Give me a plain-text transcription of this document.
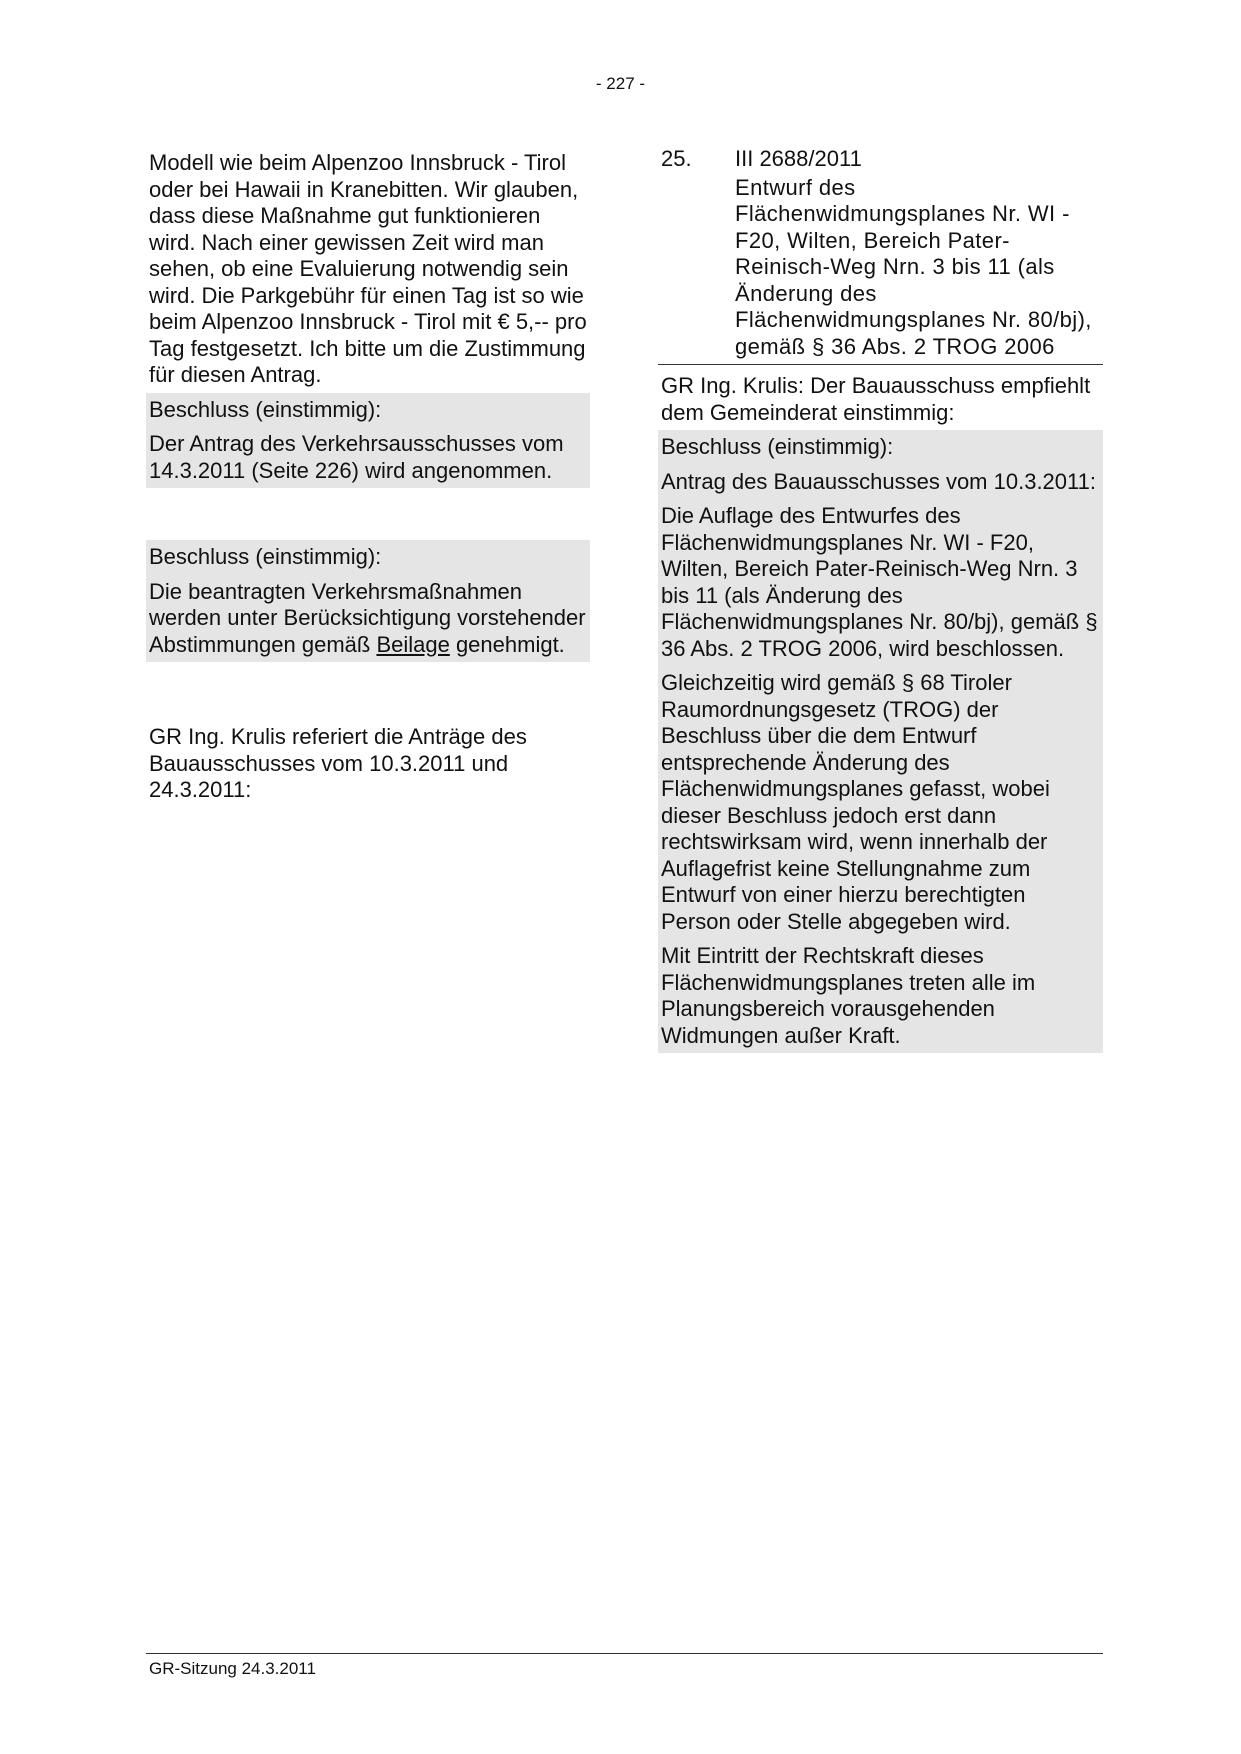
- 227 -

Modell wie beim Alpenzoo Innsbruck - Tirol oder bei Hawaii in Kranebitten. Wir glauben, dass diese Maßnahme gut funktionieren wird. Nach einer gewissen Zeit wird man sehen, ob eine Evaluierung notwendig sein wird. Die Parkgebühr für einen Tag ist so wie beim Alpenzoo Innsbruck - Tirol mit € 5,-- pro Tag festgesetzt. Ich bitte um die Zustimmung für diesen Antrag.

Beschluss (einstimmig):

Der Antrag des Verkehrsausschusses vom 14.3.2011 (Seite 226) wird angenommen.

Beschluss (einstimmig):

Die beantragten Verkehrsmaßnahmen werden unter Berücksichtigung vorstehender Abstimmungen gemäß Beilage genehmigt.

GR Ing. Krulis referiert die Anträge des Bauausschusses vom 10.3.2011 und 24.3.2011:

25.	III 2688/2011

Entwurf des Flächenwidmungsplanes Nr. WI - F20, Wilten, Bereich Pater-Reinisch-Weg Nrn. 3 bis 11 (als Änderung des Flächenwidmungsplanes Nr. 80/bj), gemäß § 36 Abs. 2 TROG 2006

GR Ing. Krulis: Der Bauausschuss empfiehlt dem Gemeinderat einstimmig:

Beschluss (einstimmig):

Antrag des Bauausschusses vom 10.3.2011:

Die Auflage des Entwurfes des Flächenwidmungsplanes Nr. WI - F20, Wilten, Bereich Pater-Reinisch-Weg Nrn. 3 bis 11 (als Änderung des Flächenwidmungsplanes Nr. 80/bj), gemäß § 36 Abs. 2 TROG 2006, wird beschlossen.

Gleichzeitig wird gemäß § 68 Tiroler Raumordnungsgesetz (TROG) der Beschluss über die dem Entwurf entsprechende Änderung des Flächenwidmungsplanes gefasst, wobei dieser Beschluss jedoch erst dann rechtswirksam wird, wenn innerhalb der Auflagefrist keine Stellungnahme zum Entwurf von einer hierzu berechtigten Person oder Stelle abgegeben wird.

Mit Eintritt der Rechtskraft dieses Flächenwidmungsplanes treten alle im Planungsbereich vorausgehenden Widmungen außer Kraft.

GR-Sitzung 24.3.2011
